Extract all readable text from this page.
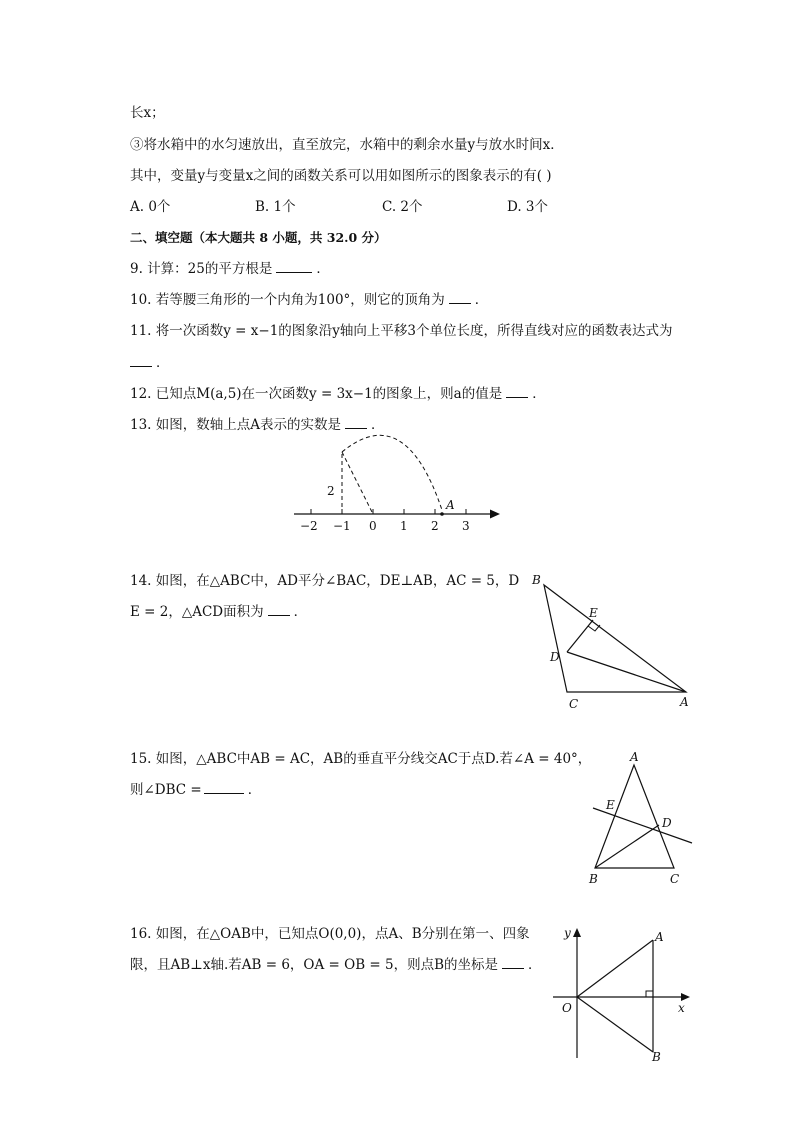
长x；
③将水箱中的水匀速放出，直至放完，水箱中的剩余水量y与放水时间x．
其中，变量y与变量x之间的函数关系可以用如图所示的图象表示的有( )
A. 0个	B. 1个	C. 2个	D. 3个
二、填空题（本大题共 8 小题，共 32.0 分）
9. 计算：25的平方根是	．
10. 若等腰三角形的一个内角为100°，则它的顶角为 ．
11. 将一次函数y = x−1的图象沿y轴向上平移3个单位长度，所得直线对应的函数表达式为
．
12. 已知点M(a,5)在一次函数y = 3x−1的图象上，则a的值是 ．
13. 如图，数轴上点A表示的实数是 ．
−2 −1 0 1 2 3
2
A
B
E
D
C	A
A
E
D
B	C
y
x
O
A
B
14. 如图，在△ABC中，AD平分∠BAC，DE⊥AB，AC = 5，D
E = 2，△ACD面积为 ．
15. 如图，△ABC中AB = AC，AB的垂直平分线交AC于点D.若∠A = 40°，
则∠DBC =	．
16. 如图，在△OAB中，已知点O(0,0)，点A、B分别在第一、四象
限，且AB⊥x轴.若AB = 6，OA = OB = 5，则点B的坐标是 ．
